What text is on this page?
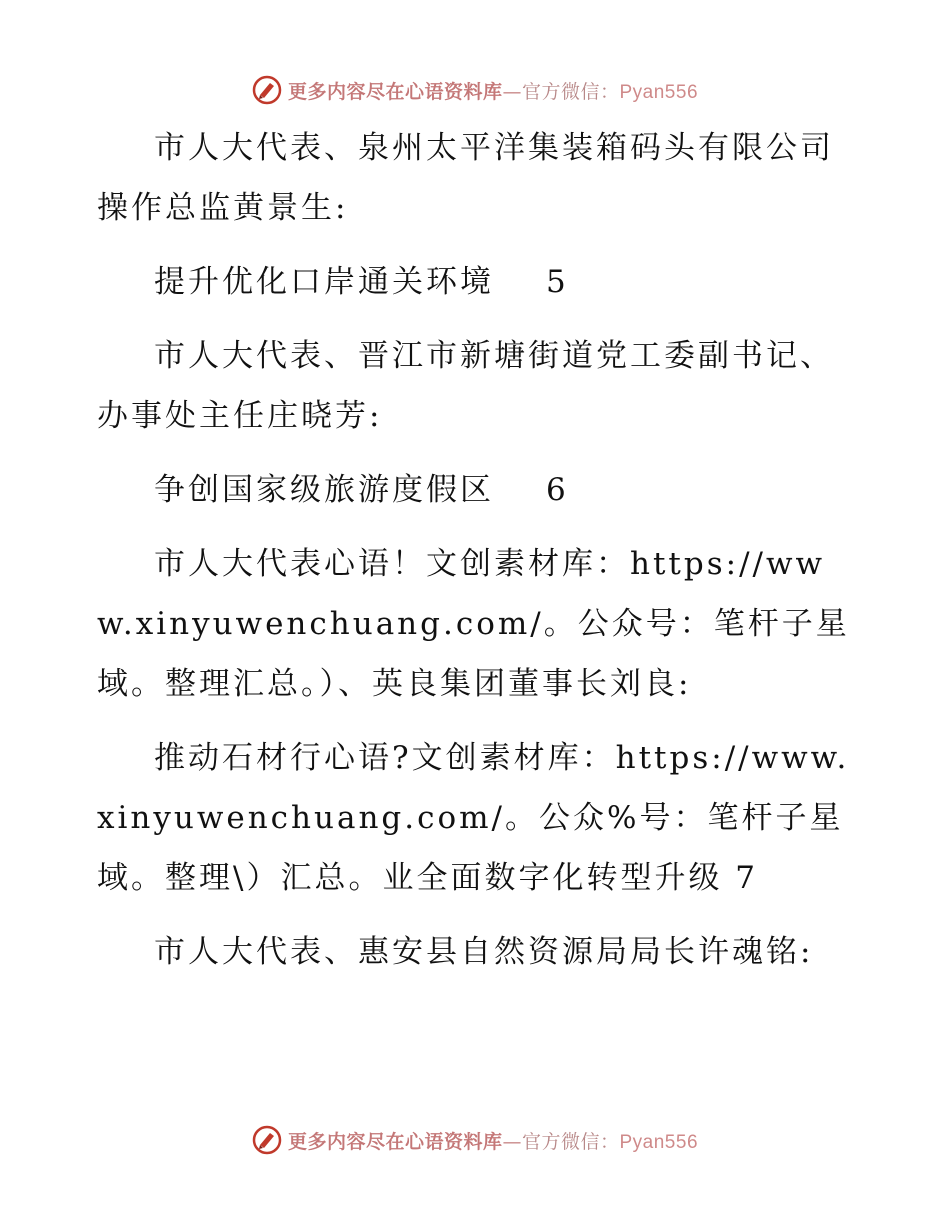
更多内容尽在心语资料库—官方微信：Pyan556

市人大代表、泉州太平洋集装箱码头有限公司操作总监黄景生:

提升优化口岸通关环境 5

市人大代表、晋江市新塘街道党工委副书记、办事处主任庄晓芳:

争创国家级旅游度假区 6

市人大代表心语！文创素材库：https://www.xinyuwenchuang.com/。公众号：笔杆子星域。整理汇总。）、英良集团董事长刘良:

推动石材行心语?文创素材库：https://www.xinyuwenchuang.com/。公众%号：笔杆子星域。整理\）汇总。业全面数字化转型升级 7

市人大代表、惠安县自然资源局局长许魂铭:

更多内容尽在心语资料库—官方微信：Pyan556
